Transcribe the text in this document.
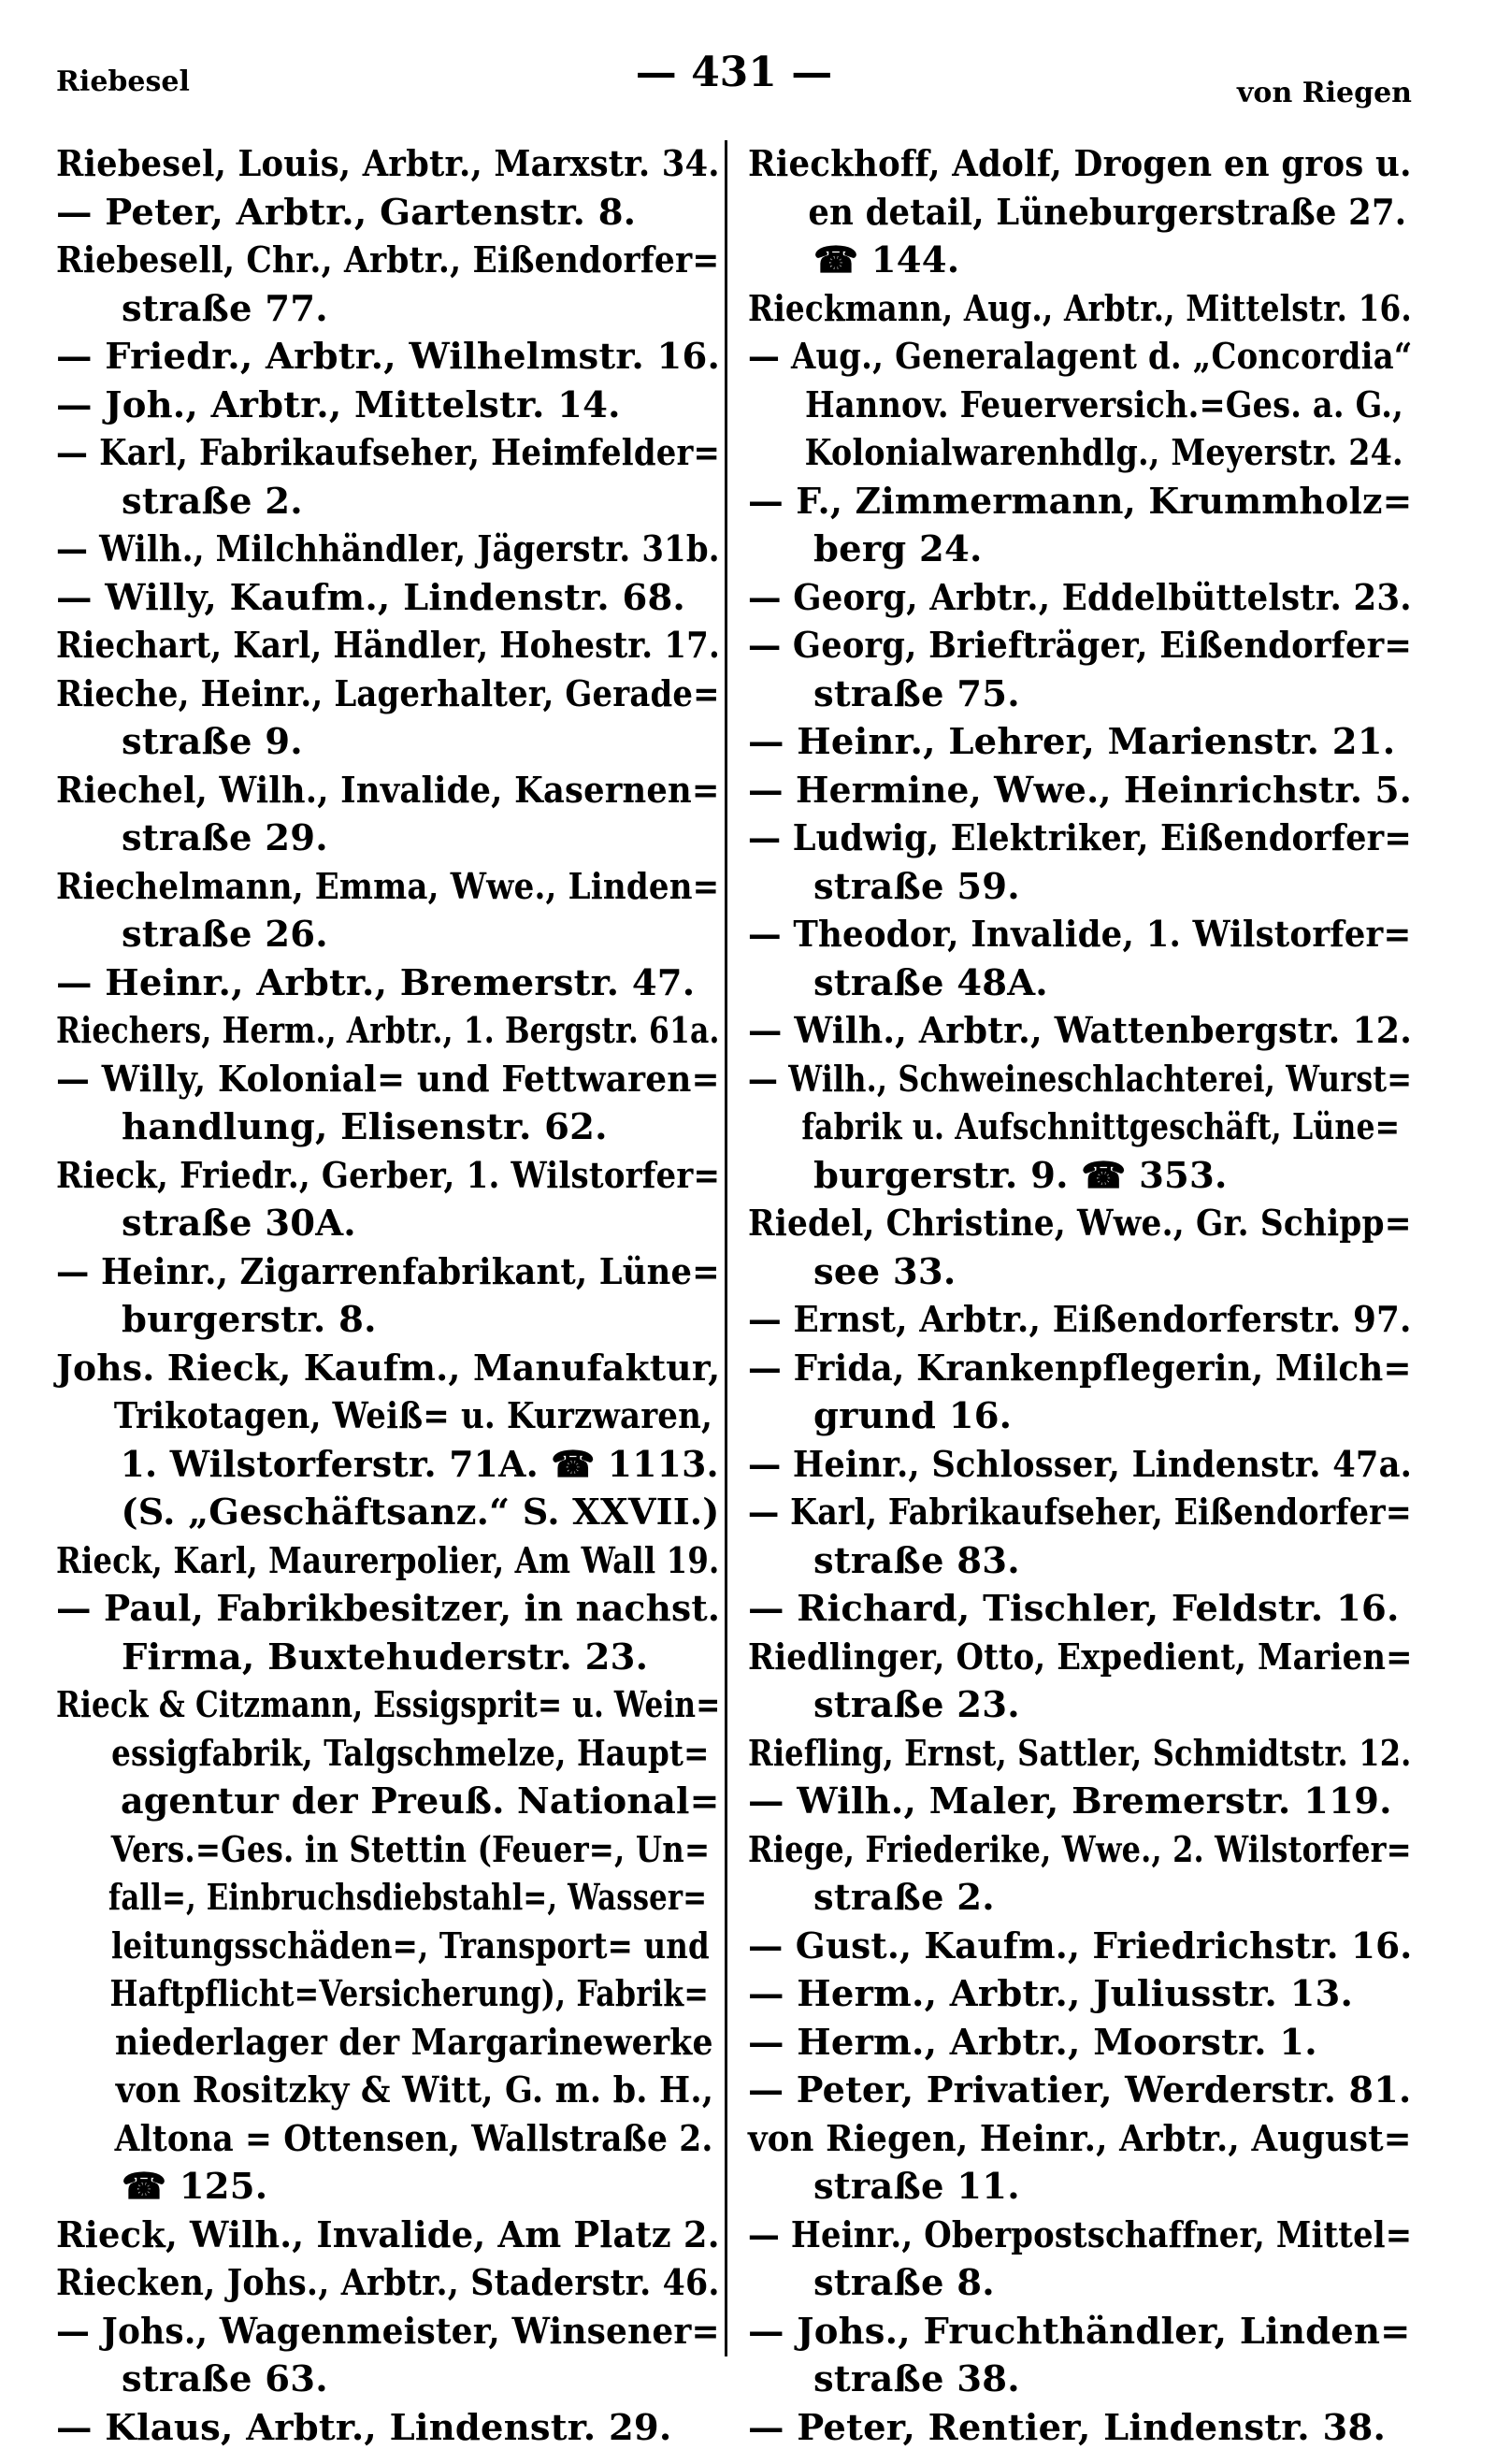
Riebesel	— 431 —	von Riegen
Riebesel, Louis, Arbtr., Marxstr. 34.
— Peter, Arbtr., Gartenstr. 8.
Riebesell, Chr., Arbtr., Eißendorfer=
straße 77.
— Friedr., Arbtr., Wilhelmstr. 16.
— Joh., Arbtr., Mittelstr. 14.
— Karl, Fabrikaufseher, Heimfelder=
straße 2.
— Wilh., Milchhändler, Jägerstr. 31b.
— Willy, Kaufm., Lindenstr. 68.
Riechart, Karl, Händler, Hohestr. 17.
Rieche, Heinr., Lagerhalter, Gerade=
straße 9.
Riechel, Wilh., Invalide, Kasernen=
straße 29.
Riechelmann, Emma, Wwe., Linden=
straße 26.
— Heinr., Arbtr., Bremerstr. 47.
Riechers, Herm., Arbtr., 1. Bergstr. 61a.
— Willy, Kolonial= und Fettwaren=
handlung, Elisenstr. 62.
Rieck, Friedr., Gerber, 1. Wilstorfer=
straße 30A.
— Heinr., Zigarrenfabrikant, Lüne=
burgerstr. 8.
Johs. Rieck, Kaufm., Manufaktur,
Trikotagen, Weiß= u. Kurzwaren,
1. Wilstorferstr. 71A. ☎ 1113.
(S. „Geschäftsanz.“ S. XXVII.)
Rieck, Karl, Maurerpolier, Am Wall 19.
— Paul, Fabrikbesitzer, in nachst.
Firma, Buxtehuderstr. 23.
Rieck & Citzmann, Essigsprit= u. Wein=
essigfabrik, Talgschmelze, Haupt=
agentur der Preuß. National=
Vers.=Ges. in Stettin (Feuer=, Un=
fall=, Einbruchsdiebstahl=, Wasser=
leitungsschäden=, Transport= und
Haftpflicht=Versicherung), Fabrik=
niederlager der Margarinewerke
von Rositzky & Witt, G. m. b. H.,
Altona = Ottensen, Wallstraße 2.
☎ 125.
Rieck, Wilh., Invalide, Am Platz 2.
Riecken, Johs., Arbtr., Staderstr. 46.
— Johs., Wagenmeister, Winsener=
straße 63.
— Klaus, Arbtr., Lindenstr. 29.
Rieckhoff, Adolf, Drogen en gros u.
en detail, Lüneburgerstraße 27.
☎ 144.
Rieckmann, Aug., Arbtr., Mittelstr. 16.
— Aug., Generalagent d. „Concordia“
Hannov. Feuerversich.=Ges. a. G.,
Kolonialwarenhdlg., Meyerstr. 24.
— F., Zimmermann, Krummholz=
berg 24.
— Georg, Arbtr., Eddelbüttelstr. 23.
— Georg, Briefträger, Eißendorfer=
straße 75.
— Heinr., Lehrer, Marienstr. 21.
— Hermine, Wwe., Heinrichstr. 5.
— Ludwig, Elektriker, Eißendorfer=
straße 59.
— Theodor, Invalide, 1. Wilstorfer=
straße 48A.
— Wilh., Arbtr., Wattenbergstr. 12.
— Wilh., Schweineschlachterei, Wurst=
fabrik u. Aufschnittgeschäft, Lüne=
burgerstr. 9. ☎ 353.
Riedel, Christine, Wwe., Gr. Schipp=
see 33.
— Ernst, Arbtr., Eißendorferstr. 97.
— Frida, Krankenpflegerin, Milch=
grund 16.
— Heinr., Schlosser, Lindenstr. 47a.
— Karl, Fabrikaufseher, Eißendorfer=
straße 83.
— Richard, Tischler, Feldstr. 16.
Riedlinger, Otto, Expedient, Marien=
straße 23.
Riefling, Ernst, Sattler, Schmidtstr. 12.
— Wilh., Maler, Bremerstr. 119.
Riege, Friederike, Wwe., 2. Wilstorfer=
straße 2.
— Gust., Kaufm., Friedrichstr. 16.
— Herm., Arbtr., Juliusstr. 13.
— Herm., Arbtr., Moorstr. 1.
— Peter, Privatier, Werderstr. 81.
von Riegen, Heinr., Arbtr., August=
straße 11.
— Heinr., Oberpostschaffner, Mittel=
straße 8.
— Johs., Fruchthändler, Linden=
straße 38.
— Peter, Rentier, Lindenstr. 38.
